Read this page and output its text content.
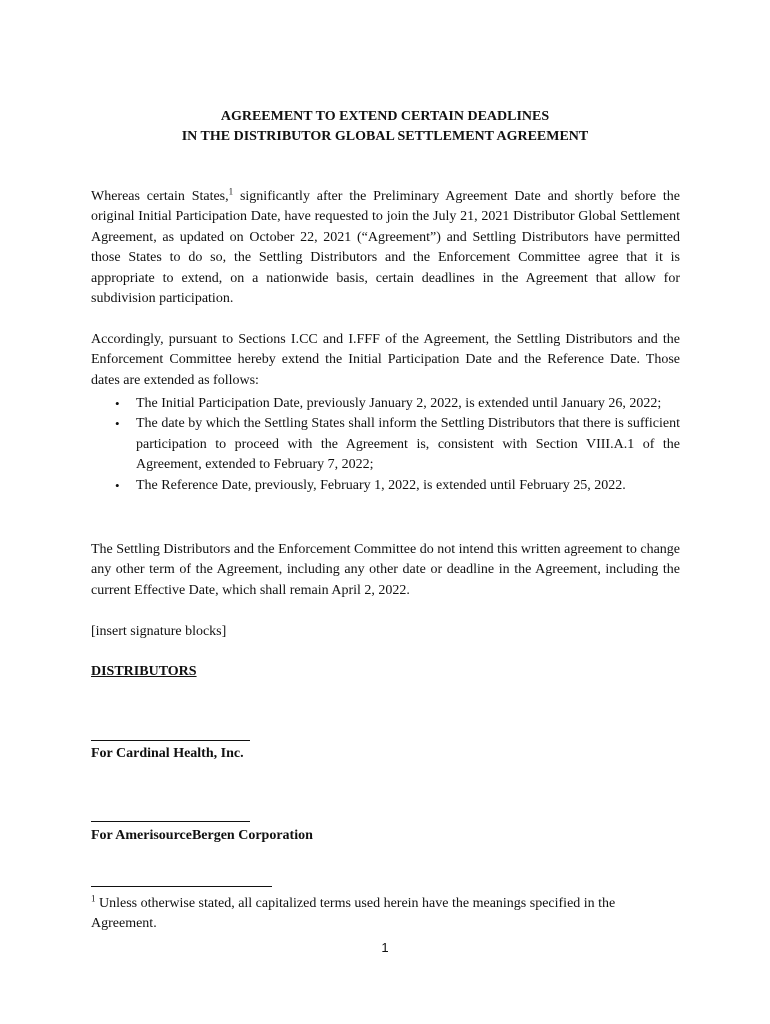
AGREEMENT TO EXTEND CERTAIN DEADLINES
IN THE DISTRIBUTOR GLOBAL SETTLEMENT AGREEMENT
Whereas certain States,$^1$ significantly after the Preliminary Agreement Date and shortly before the original Initial Participation Date, have requested to join the July 21, 2021 Distributor Global Settlement Agreement, as updated on October 22, 2021 (“Agreement”) and Settling Distributors have permitted those States to do so, the Settling Distributors and the Enforcement Committee agree that it is appropriate to extend, on a nationwide basis, certain deadlines in the Agreement that allow for subdivision participation.
Accordingly, pursuant to Sections I.CC and I.FFF of the Agreement, the Settling Distributors and the Enforcement Committee hereby extend the Initial Participation Date and the Reference Date. Those dates are extended as follows:
• The Initial Participation Date, previously January 2, 2022, is extended until January 26, 2022;
• The date by which the Settling States shall inform the Settling Distributors that there is sufficient participation to proceed with the Agreement is, consistent with Section VIII.A.1 of the Agreement, extended to February 7, 2022;
• The Reference Date, previously, February 1, 2022, is extended until February 25, 2022.
The Settling Distributors and the Enforcement Committee do not intend this written agreement to change any other term of the Agreement, including any other date or deadline in the Agreement, including the current Effective Date, which shall remain April 2, 2022.
[insert signature blocks]
DISTRIBUTORS
For Cardinal Health, Inc.
For AmerisourceBergen Corporation
$^1$ Unless otherwise stated, all capitalized terms used herein have the meanings specified in the Agreement.
1
